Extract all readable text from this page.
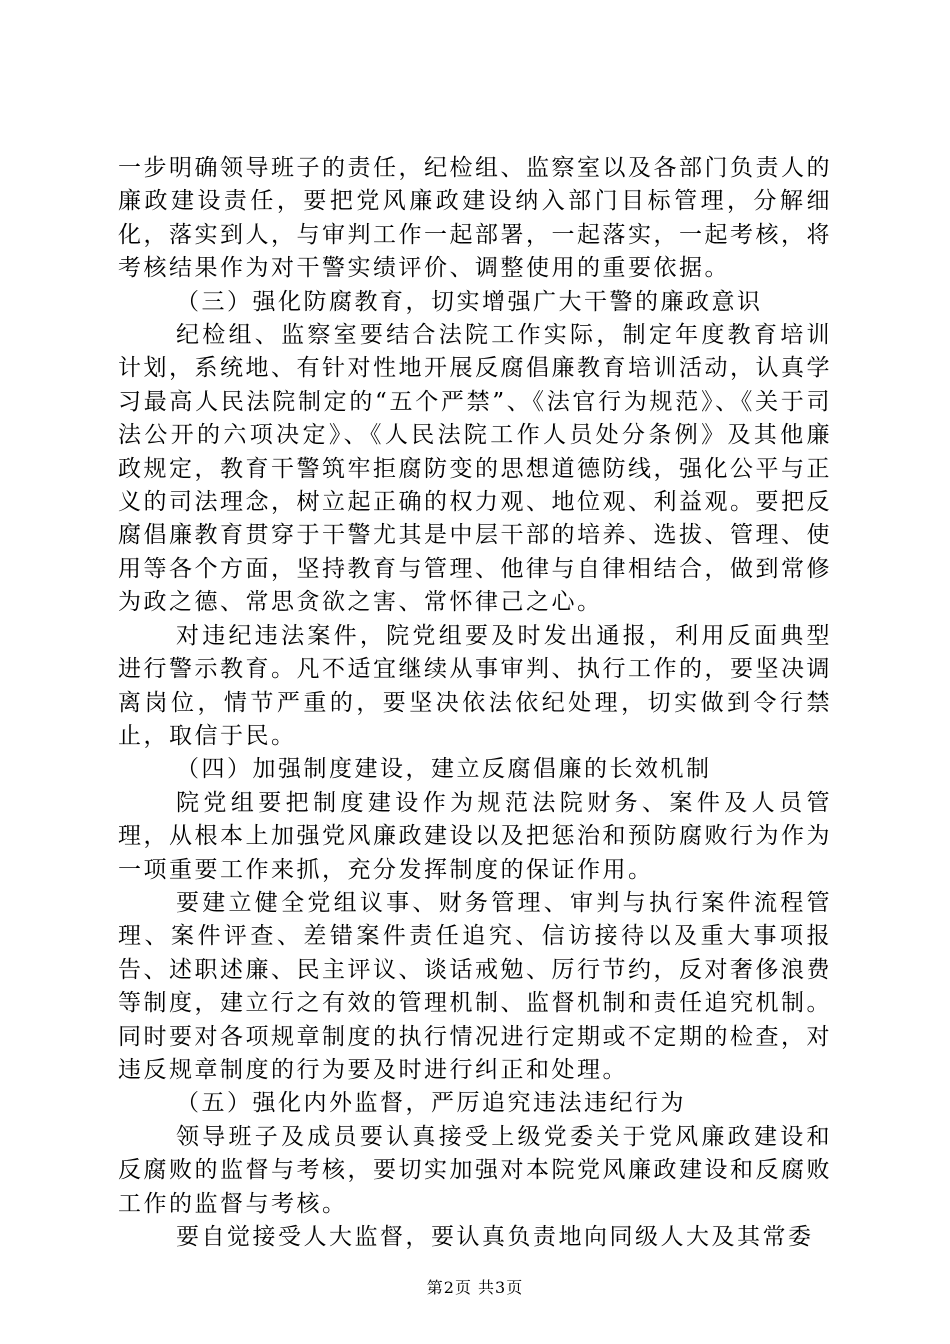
一步明确领导班子的责任，纪检组、监察室以及各部门负责人的廉政建设责任，要把党风廉政建设纳入部门目标管理，分解细化，落实到人，与审判工作一起部署，一起落实，一起考核，将考核结果作为对干警实绩评价、调整使用的重要依据。

（三）强化防腐教育，切实增强广大干警的廉政意识

纪检组、监察室要结合法院工作实际，制定年度教育培训计划，系统地、有针对性地开展反腐倡廉教育培训活动，认真学习最高人民法院制定的“五个严禁”、《法官行为规范》、《关于司法公开的六项决定》、《人民法院工作人员处分条例》及其他廉政规定，教育干警筑牢拒腐防变的思想道德防线，强化公平与正义的司法理念，树立起正确的权力观、地位观、利益观。要把反腐倡廉教育贯穿于干警尤其是中层干部的培养、选拔、管理、使用等各个方面，坚持教育与管理、他律与自律相结合，做到常修为政之德、常思贪欲之害、常怀律己之心。

对违纪违法案件，院党组要及时发出通报，利用反面典型进行警示教育。凡不适宜继续从事审判、执行工作的，要坚决调离岗位，情节严重的，要坚决依法依纪处理，切实做到令行禁止，取信于民。

（四）加强制度建设，建立反腐倡廉的长效机制

院党组要把制度建设作为规范法院财务、案件及人员管理，从根本上加强党风廉政建设以及把惩治和预防腐败行为作为一项重要工作来抓，充分发挥制度的保证作用。

要建立健全党组议事、财务管理、审判与执行案件流程管理、案件评查、差错案件责任追究、信访接待以及重大事项报告、述职述廉、民主评议、谈话戒勉、厉行节约，反对奢侈浪费等制度，建立行之有效的管理机制、监督机制和责任追究机制。同时要对各项规章制度的执行情况进行定期或不定期的检查，对违反规章制度的行为要及时进行纠正和处理。

（五）强化内外监督，严厉追究违法违纪行为

领导班子及成员要认真接受上级党委关于党风廉政建设和反腐败的监督与考核，要切实加强对本院党风廉政建设和反腐败工作的监督与考核。

要自觉接受人大监督，要认真负责地向同级人大及其常委

第2页 共3页
